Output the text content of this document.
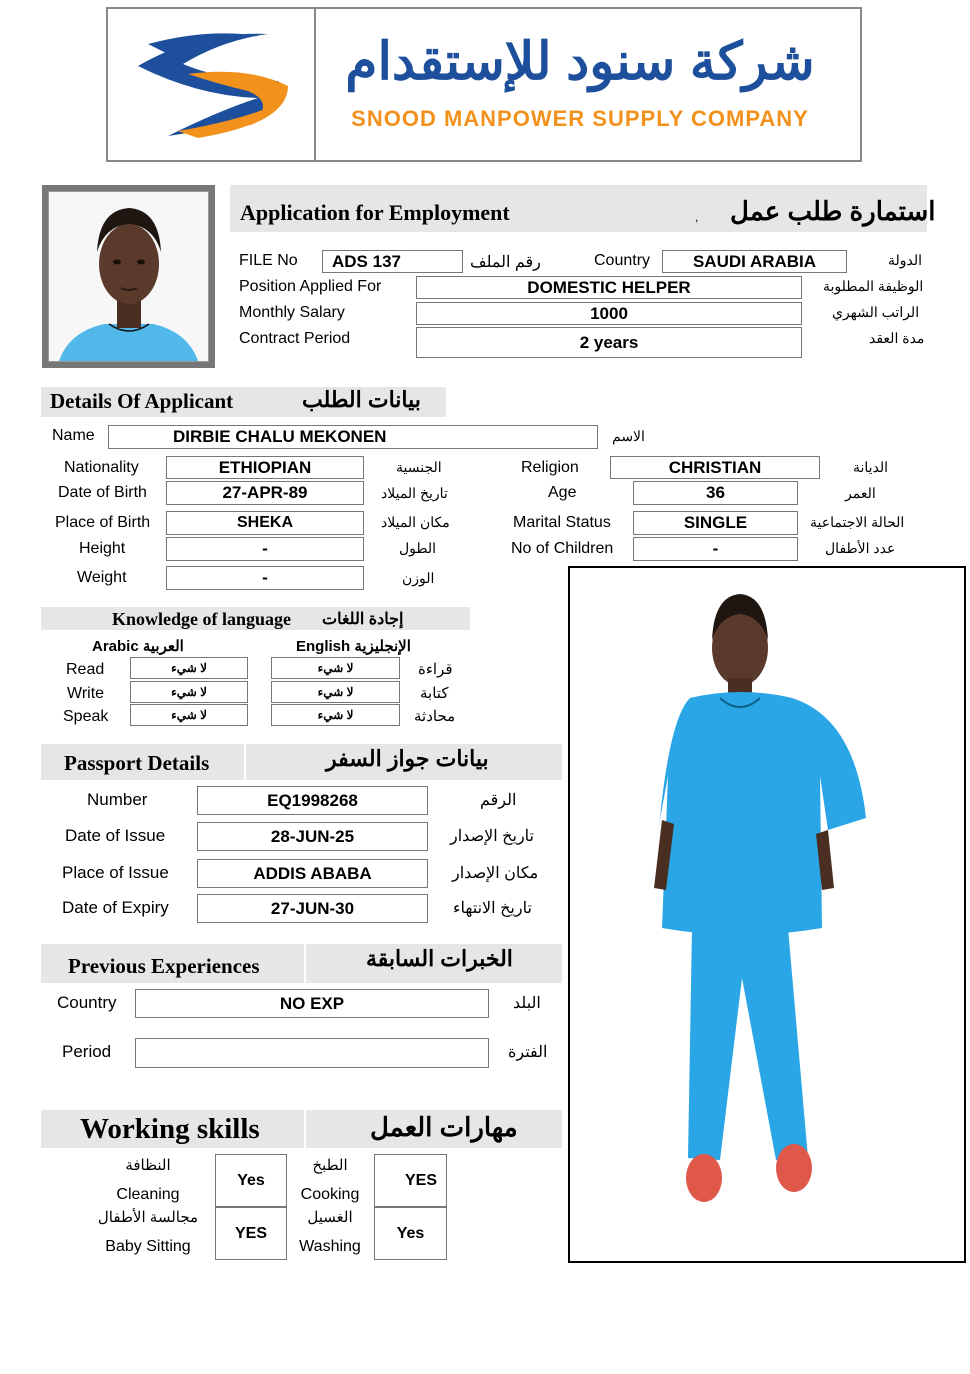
شركة سنود للإستقدام
SNOOD MANPOWER SUPPLY COMPANY
Application for Employment	, استمارة طلب عمل
FILE No	ADS 137	رقم الملف	Country	SAUDI ARABIA	الدولة
Position Applied For	DOMESTIC HELPER	الوظيفة المطلوبة
Monthly Salary	1000	الراتب الشهري
Contract Period	2 years	مدة العقد
Details Of Applicant	بيانات الطلب
Name	DIRBIE CHALU MEKONEN	الاسم
Nationality	ETHIOPIAN	الجنسية	Religion	CHRISTIAN	الديانة
Date of Birth	27-APR-89	تاريخ الميلاد	Age	36	العمر
Place of Birth	SHEKA	مكان الميلاد	Marital Status	SINGLE	الحالة الاجتماعية
Height	-	الطول	No of Children	-	عدد الأطفال
Weight	-	الوزن
Knowledge of language إجادة اللغات
Arabic العربية	English الإنجليزية
Read	لا شيء	لا شيء	قراءة
Write	لا شيء	لا شيء	كتابة
Speak	لا شيء	لا شيء	محادثة
Passport Details	بيانات جواز السفر
Number	EQ1998268	الرقم
Date of Issue	28-JUN-25	تاريخ الإصدار
Place of Issue	ADDIS ABABA	مكان الإصدار
Date of Expiry	27-JUN-30	تاريخ الانتهاء
Previous Experiences	الخبرات السابقة
Country	NO EXP	البلد
Period	الفترة
Working skills	مهارات العمل
النظافة
Cleaning
Yes
الطبخ
Cooking
YES
مجالسة الأطفال
Baby Sitting
YES
الغسيل
Washing
Yes
